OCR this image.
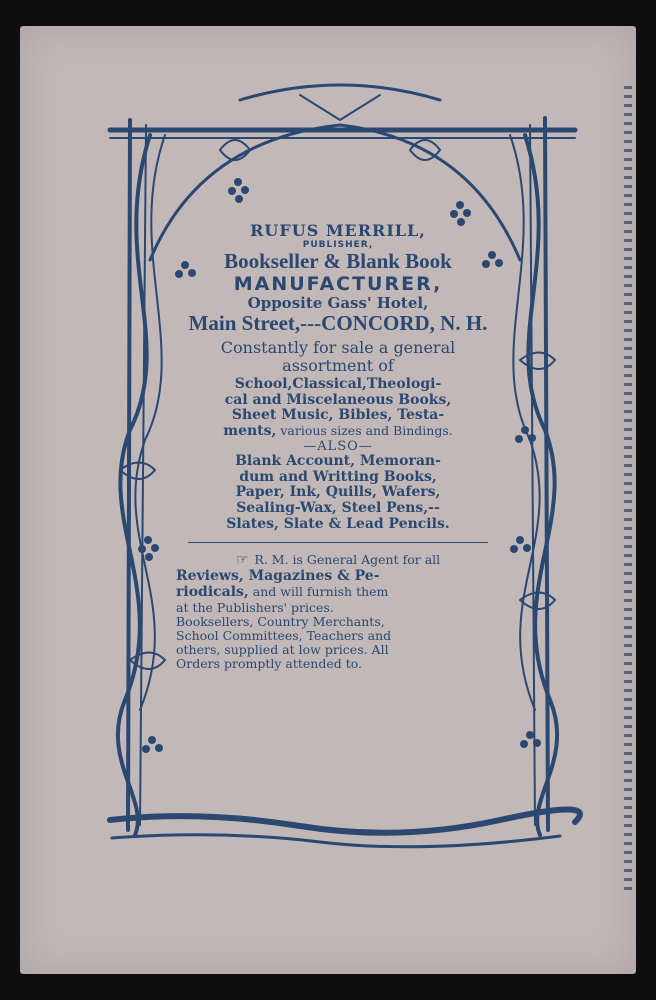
RUFUS MERRILL,
PUBLISHER,
Bookseller & Blank Book
MANUFACTURER,
Opposite Gass' Hotel,
Main Street,---CONCORD, N. H.
Constantly for sale a general
assortment of
School,Classical,Theologi-
cal and Miscelaneous Books,
Sheet Music, Bibles, Testa-
ments, various sizes and Bindings.
—ALSO—
Blank Account, Memoran-
dum and Writting Books,
Paper, Ink, Quills, Wafers,
Sealing-Wax, Steel Pens,--
Slates, Slate & Lead Pencils.
☞ R. M. is General Agent for all
Reviews, Magazines & Pe-
riodicals, and will furnish them
at the Publishers' prices.
Booksellers, Country Merchants,
School Committees, Teachers and
others, supplied at low prices. All
Orders promptly attended to.
